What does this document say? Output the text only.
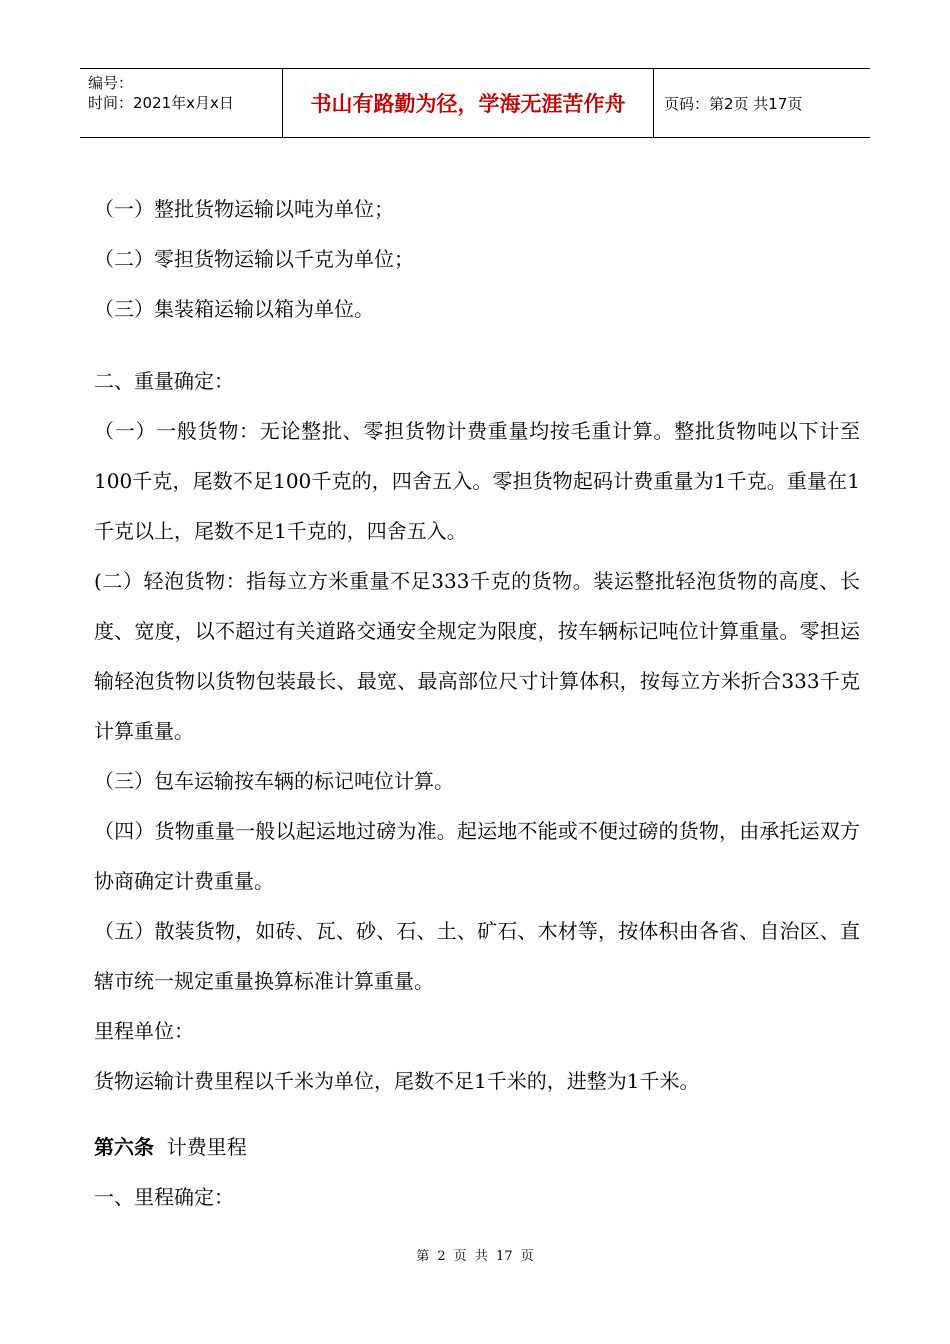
编号：
时间：2021年x月x日	书山有路勤为径，学海无涯苦作舟	页码：第2页 共17页

（一）整批货物运输以吨为单位；

（二）零担货物运输以千克为单位；

（三）集装箱运输以箱为单位。

二、重量确定：

（一）一般货物：无论整批、零担货物计费重量均按毛重计算。整批货物吨以下计至100千克，尾数不足100千克的，四舍五入。零担货物起码计费重量为1千克。重量在1千克以上，尾数不足1千克的，四舍五入。

(二）轻泡货物：指每立方米重量不足333千克的货物。装运整批轻泡货物的高度、长度、宽度，以不超过有关道路交通安全规定为限度，按车辆标记吨位计算重量。零担运输轻泡货物以货物包装最长、最宽、最高部位尺寸计算体积，按每立方米折合333千克计算重量。

（三）包车运输按车辆的标记吨位计算。

（四）货物重量一般以起运地过磅为准。起运地不能或不便过磅的货物，由承托运双方协商确定计费重量。

（五）散装货物，如砖、瓦、砂、石、土、矿石、木材等，按体积由各省、自治区、直辖市统一规定重量换算标准计算重量。

里程单位：

货物运输计费里程以千米为单位，尾数不足1千米的，进整为1千米。

第六条 计费里程

一、里程确定：

第 2 页 共 17 页
